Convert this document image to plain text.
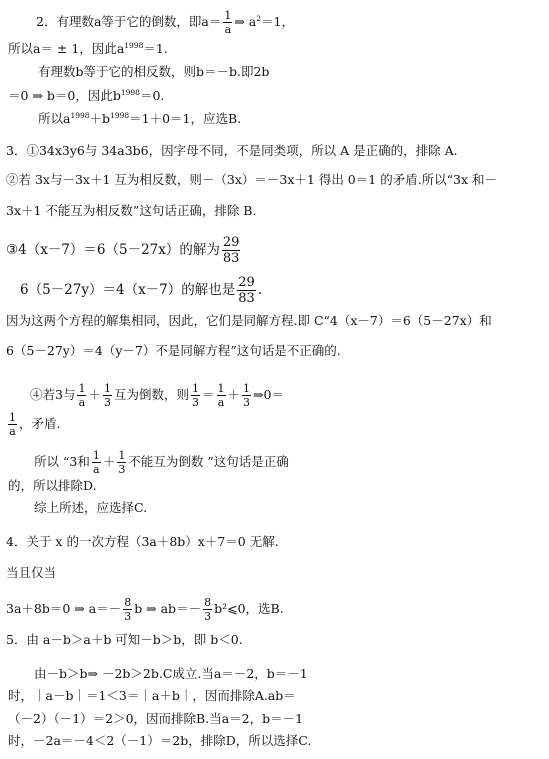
2．有理数a等于它的倒数，即$a= \frac{1}{a}$ ⇒ $a^2=1$，
所以a＝ ± 1，因此$a^{1998}=1$.
有理数b等于它的相反数，则b＝－b.即2b
＝0 ⇒ b＝0，因此$b^{1998}=0$.
所以$a^{1998}+b^{1998}=1+0=1$，应选B.
3．①34x3y6与 34a3b6，因字母不同，不是同类项，所以 A 是正确的，排除 A.
②若 3x与－3x＋1 互为相反数，则－（3x）＝－3x＋1 得出 0＝1 的矛盾.所以“3x 和－
3x＋1 不能互为相反数”这句话正确，排除 B.
③4（x－7）＝6（5－27x）的解为 $\frac{29}{83}$
6（5－27y）＝4（x－7）的解也是 $\frac{29}{83}$ .
因为这两个方程的解集相同，因此，它们是同解方程.即 C“4（x－7）＝6（5－27x）和
6（5－27y）＝4（y－7）不是同解方程”这句话是不正确的.
④若3与 $\frac{1}{a} + \frac{1}{3}$ 互为倒数，则 $\frac{1}{3} = \frac{1}{a} + \frac{1}{3}$ ⇒0＝
$\frac{1}{a}$ ，矛盾.
所以 “3和 $\frac{1}{a} + \frac{1}{3}$ 不能互为倒数 ”这句话是正确
的，所以排除D.
综上所述，应选择C.
4．关于 x 的一次方程（3a＋8b）x＋7＝0 无解.
当且仅当
3a＋8b＝0 ⇒ $a=- \frac{8}{3}$ b ⇒ $ab=- \frac{8}{3}$ b²⩽0，选B.
5．由 a－b＞a＋b 可知－b＞b，即 b＜0.
由－b＞b⇒ －2b＞2b.C成立.当a＝－2，b＝－1
时，｜a－b｜＝1＜3＝｜a＋b｜，因而排除A.ab＝
（－2）（－1）＝2＞0，因而排除B.当a＝2，b＝－1
时，－2a＝－4＜2（－1）＝2b，排除D，所以选择C.
